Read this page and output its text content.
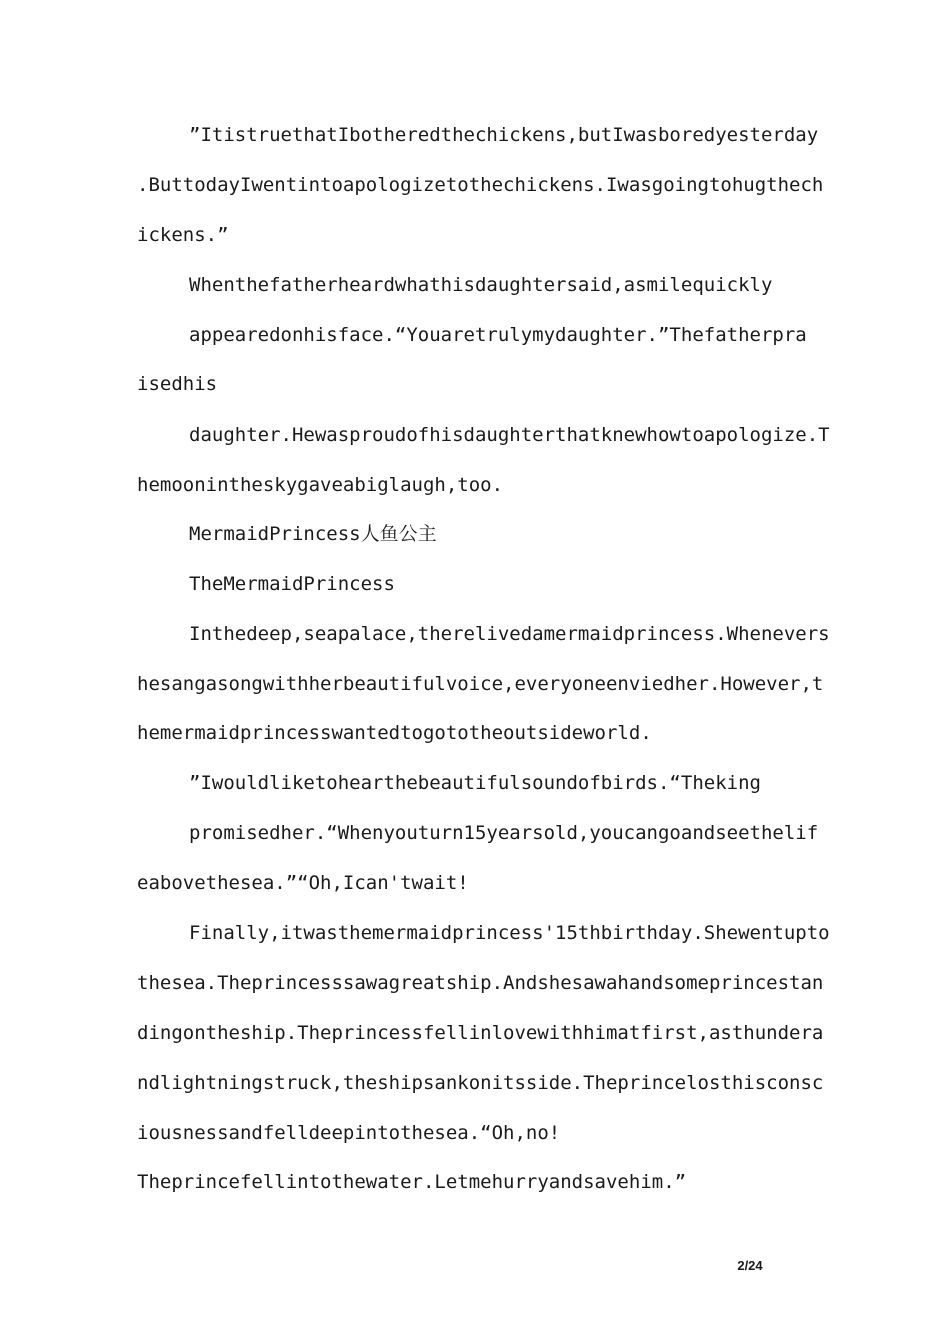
”ItistruethatIbotheredthechickens,butIwasboredyesterday
.ButtodayIwentintoapologizetothechickens.Iwasgoingtohugthech
ickens.”
Whenthefatherheardwhathisdaughtersaid,asmilequickly
appearedonhisface.“Youaretrulymydaughter.”Thefatherpra
isedhis
daughter.Hewasproudofhisdaughterthatknewhowtoapologize.T
hemoonintheskygaveabiglaugh,too.
MermaidPrincess人鱼公主
TheMermaidPrincess
Inthedeep,seapalace,therelivedamermaidprincess.Whenevers
hesangasongwithherbeautifulvoice,everyoneenviedher.However,t
hemermaidprincesswantedtogototheoutsideworld.
”Iwouldliketohearthebeautifulsoundofbirds.“Theking
promisedher.“Whenyouturn15yearsold,youcangoandseethelif
eabovethesea.”“Oh,Ican'twait!
Finally,itwasthemermaidprincess'15thbirthday.Shewentupto
thesea.Theprincesssawagreatship.Andshesawahandsomeprincestan
dingontheship.Theprincessfellinlovewithhimatfirst,asthundera
ndlightningstruck,theshipsankonitsside.Theprincelosthisconsc
iousnessandfelldeepintothesea.“Oh,no!
Theprincefellintothewater.Letmehurryandsavehim.”
2/24
